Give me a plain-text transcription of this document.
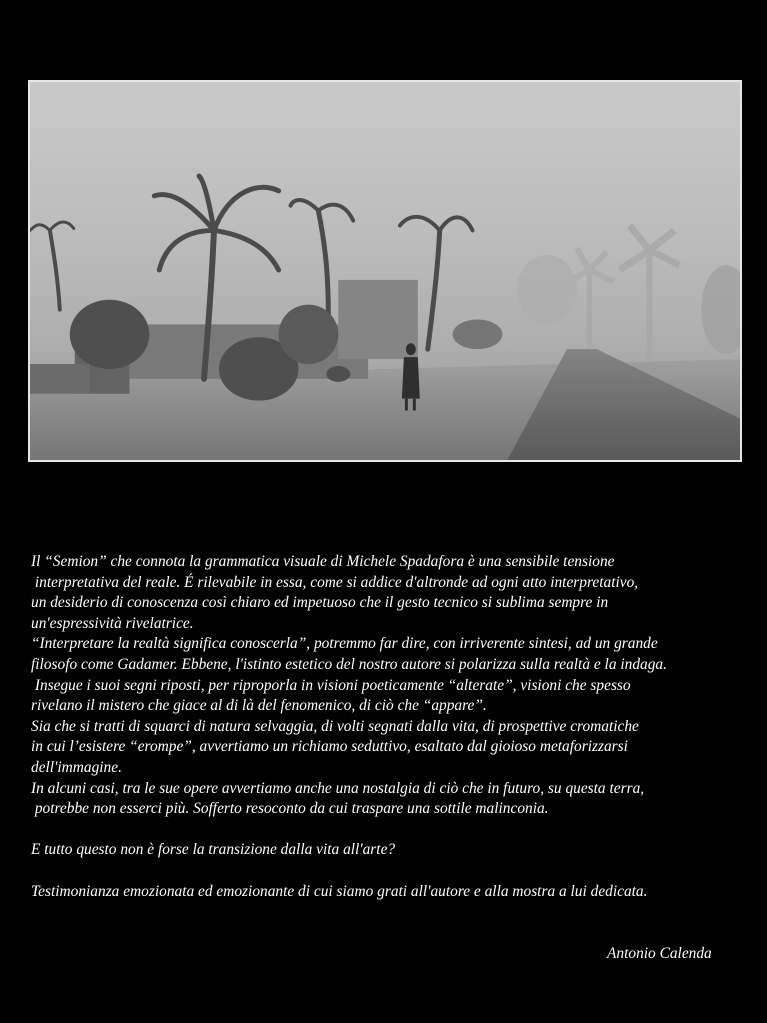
Il “Semion” che connota la grammatica visuale di Michele Spadafora è una sensibile tensione
interpretativa del reale. É rilevabile in essa, come si addice d'altronde ad ogni atto interpretativo,
un desiderio di conoscenza così chiaro ed impetuoso che il gesto tecnico si sublima sempre in
un'espressività rivelatrice.
“Interpretare la realtà significa conoscerla”, potremmo far dire, con irriverente sintesi, ad un grande
filosofo come Gadamer. Ebbene, l'istinto estetico del nostro autore si polarizza sulla realtà e la indaga.
Insegue i suoi segni riposti, per riproporla in visioni poeticamente “alterate”, visioni che spesso
rivelano il mistero che giace al di là del fenomenico, di ciò che “appare”.
Sia che si tratti di squarci di natura selvaggia, di volti segnati dalla vita, di prospettive cromatiche
in cui l’esistere “erompe”, avvertiamo un richiamo seduttivo, esaltato dal gioioso metaforizzarsi
dell'immagine.
In alcuni casi, tra le sue opere avvertiamo anche una nostalgia di ciò che in futuro, su questa terra,
potrebbe non esserci più. Sofferto resoconto da cui traspare una sottile malinconia.
E tutto questo non è forse la transizione dalla vita all'arte?
Testimonianza emozionata ed emozionante di cui siamo grati all'autore e alla mostra a lui dedicata.
Antonio Calenda
